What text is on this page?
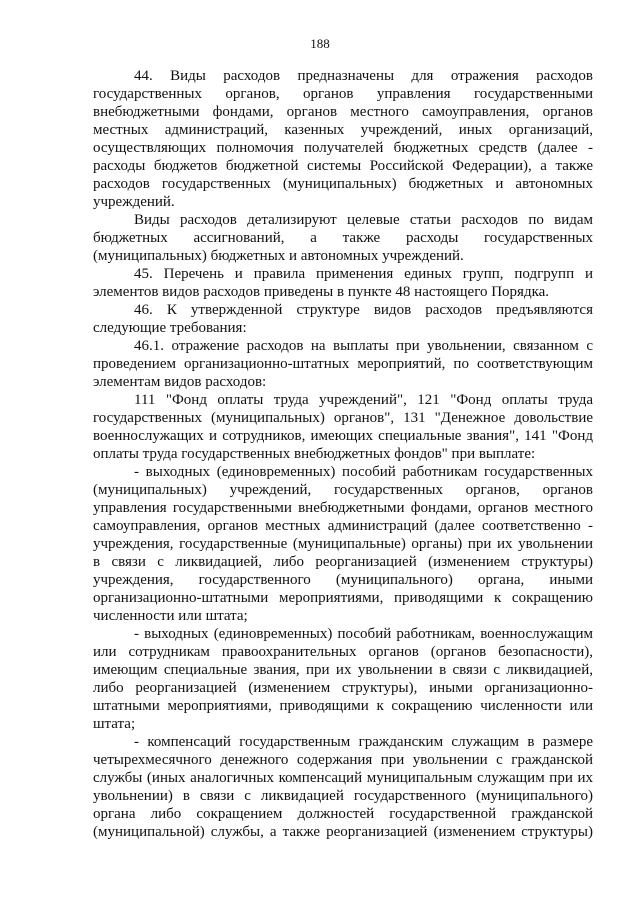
188

44. Виды расходов предназначены для отражения расходов
государственных органов, органов управления государственными
внебюджетными фондами, органов местного самоуправления, органов
местных администраций, казенных учреждений, иных организаций,
осуществляющих полномочия получателей бюджетных средств (далее -
расходы бюджетов бюджетной системы Российской Федерации), а также
расходов государственных (муниципальных) бюджетных и автономных
учреждений.

Виды расходов детализируют целевые статьи расходов по видам
бюджетных ассигнований, а также расходы государственных
(муниципальных) бюджетных и автономных учреждений.

45. Перечень и правила применения единых групп, подгрупп и
элементов видов расходов приведены в пункте 48 настоящего Порядка.

46. К утвержденной структуре видов расходов предъявляются
следующие требования:

46.1. отражение расходов на выплаты при увольнении, связанном с
проведением организационно-штатных мероприятий, по соответствующим
элементам видов расходов:

111 "Фонд оплаты труда учреждений", 121 "Фонд оплаты труда
государственных (муниципальных) органов", 131 "Денежное довольствие
военнослужащих и сотрудников, имеющих специальные звания", 141 "Фонд
оплаты труда государственных внебюджетных фондов" при выплате:

- выходных (единовременных) пособий работникам государственных
(муниципальных) учреждений, государственных органов, органов
управления государственными внебюджетными фондами, органов местного
самоуправления, органов местных администраций (далее соответственно -
учреждения, государственные (муниципальные) органы) при их увольнении
в связи с ликвидацией, либо реорганизацией (изменением структуры)
учреждения, государственного (муниципального) органа, иными
организационно-штатными мероприятиями, приводящими к сокращению
численности или штата;

- выходных (единовременных) пособий работникам, военнослужащим
или сотрудникам правоохранительных органов (органов безопасности),
имеющим специальные звания, при их увольнении в связи с ликвидацией,
либо реорганизацией (изменением структуры), иными организационно-
штатными мероприятиями, приводящими к сокращению численности или
штата;

- компенсаций государственным гражданским служащим в размере
четырехмесячного денежного содержания при увольнении с гражданской
службы (иных аналогичных компенсаций муниципальным служащим при их
увольнении) в связи с ликвидацией государственного (муниципального)
органа либо сокращением должностей государственной гражданской
(муниципальной) службы, а также реорганизацией (изменением структуры)
